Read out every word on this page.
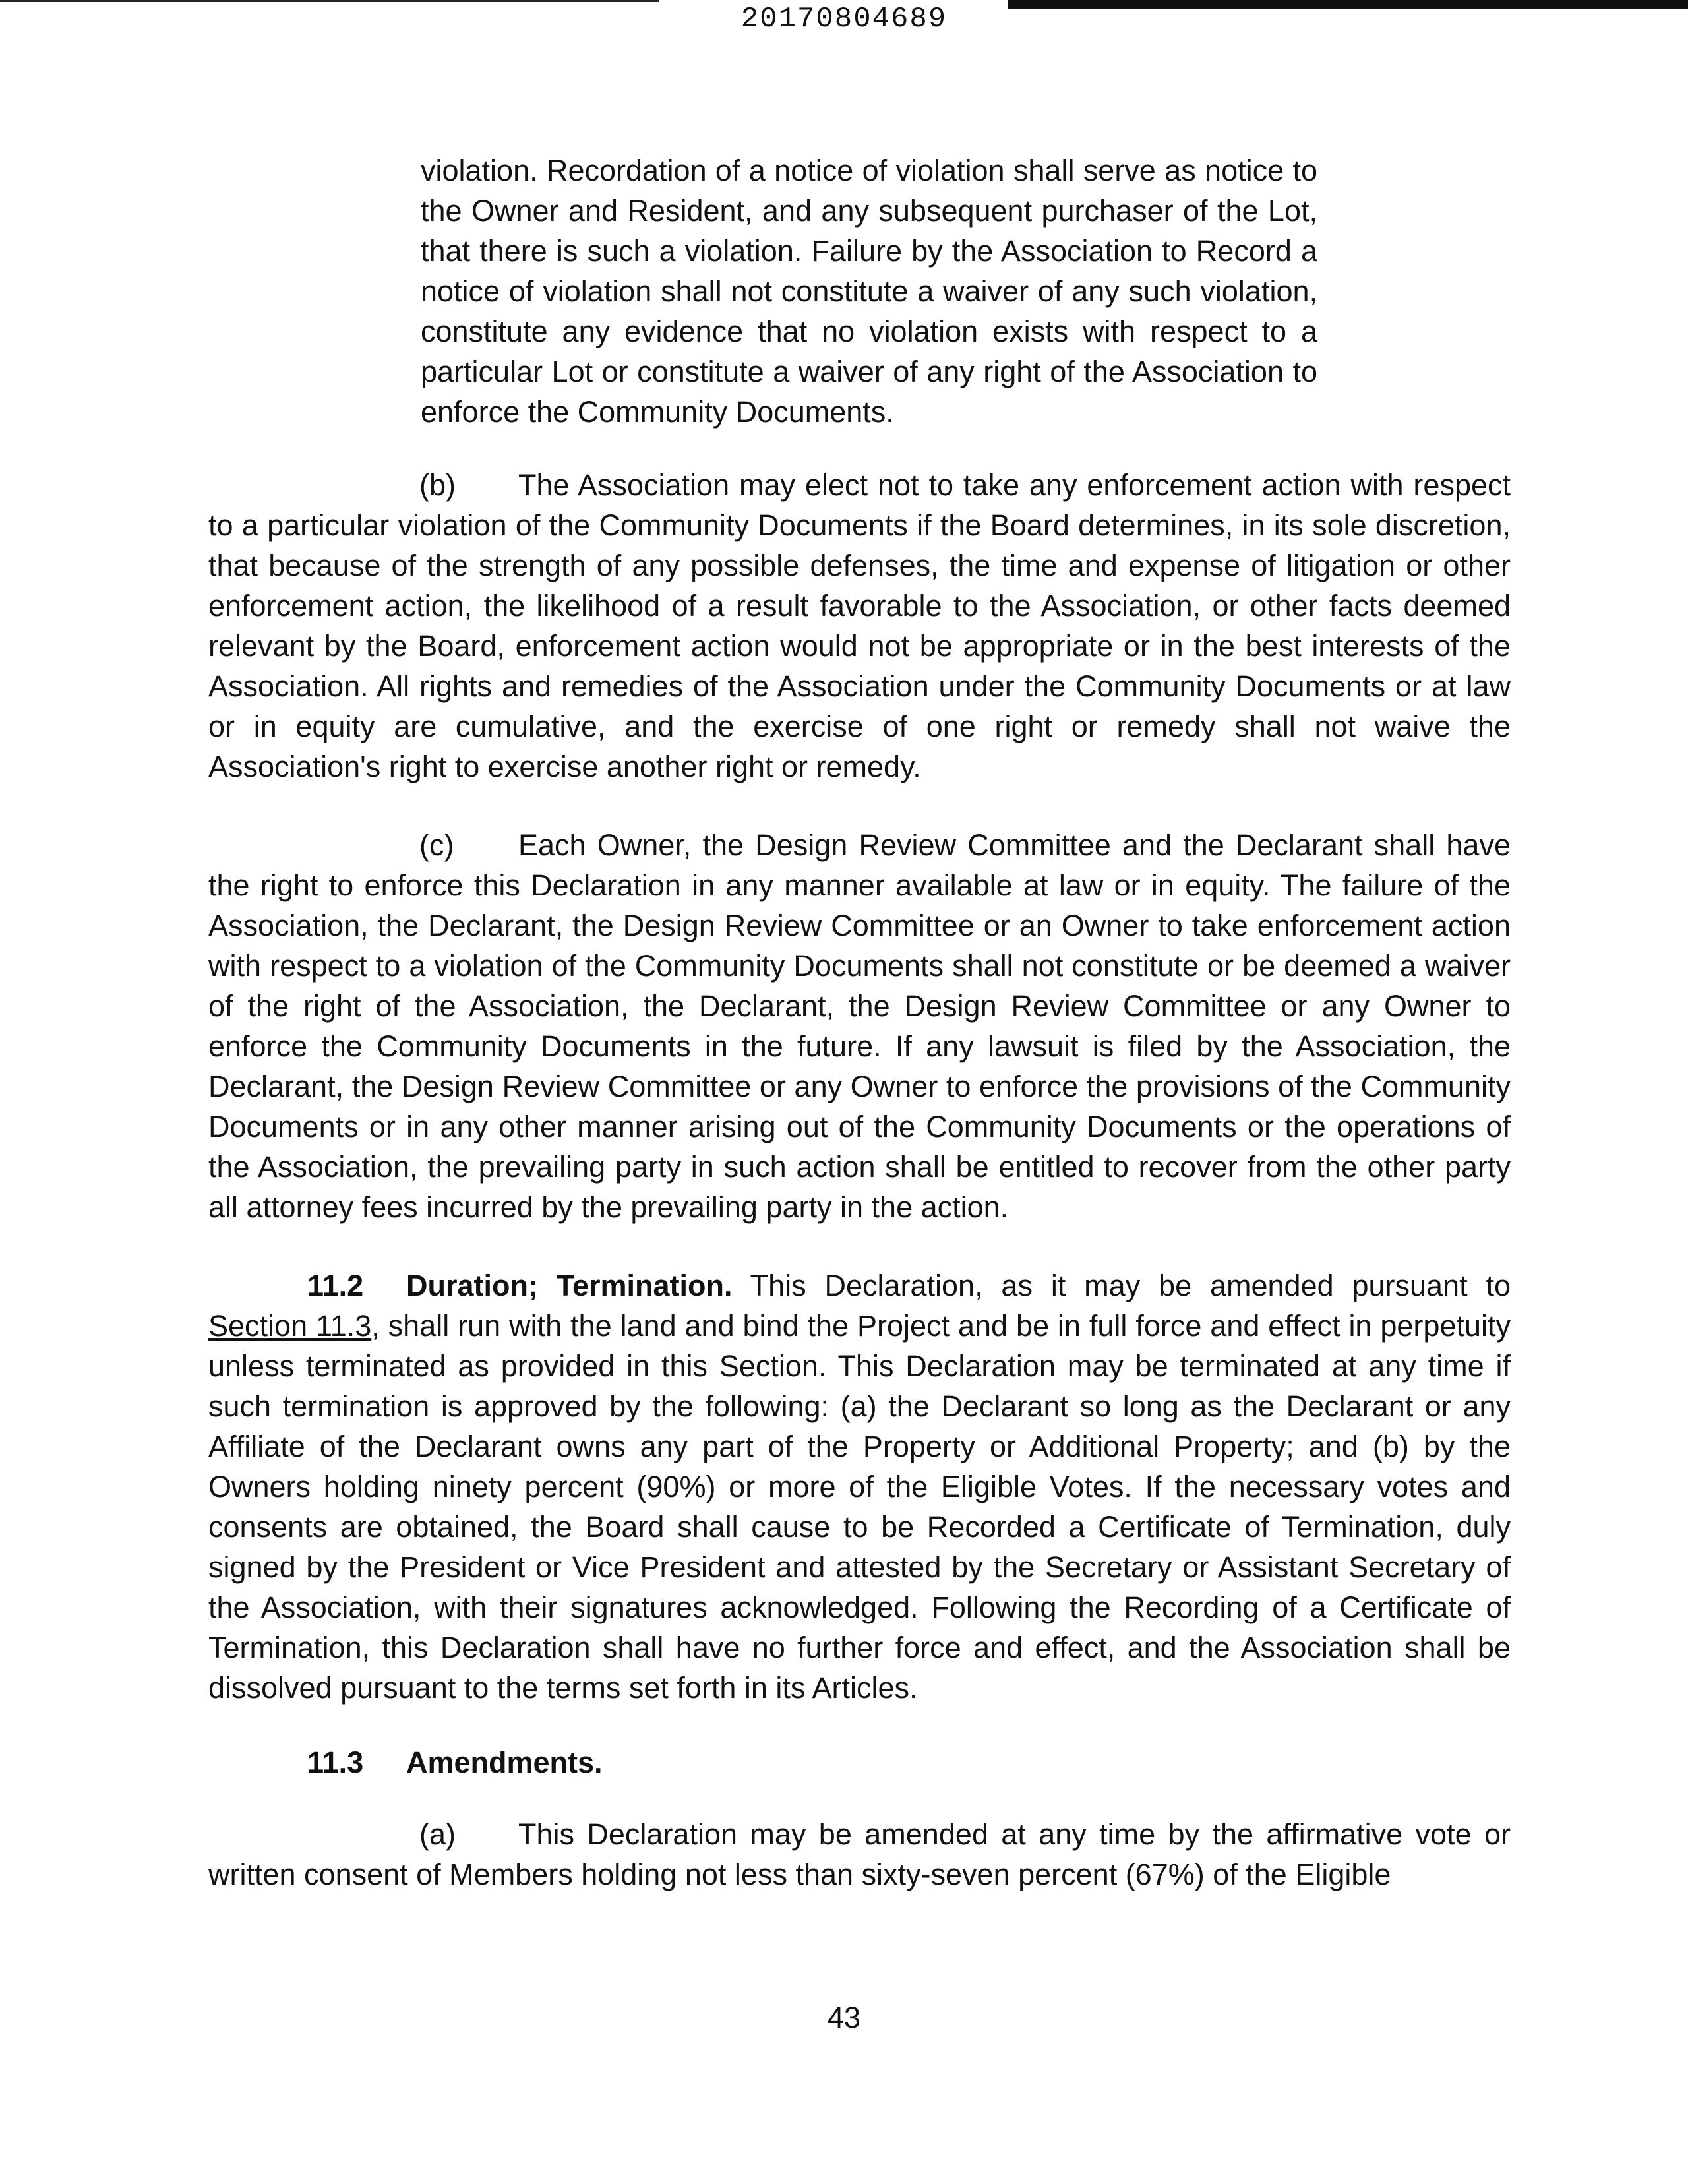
20170804689

violation. Recordation of a notice of violation shall serve as notice to the Owner and Resident, and any subsequent purchaser of the Lot, that there is such a violation. Failure by the Association to Record a notice of violation shall not constitute a waiver of any such violation, constitute any evidence that no violation exists with respect to a particular Lot or constitute a waiver of any right of the Association to enforce the Community Documents.

(b) The Association may elect not to take any enforcement action with respect to a particular violation of the Community Documents if the Board determines, in its sole discretion, that because of the strength of any possible defenses, the time and expense of litigation or other enforcement action, the likelihood of a result favorable to the Association, or other facts deemed relevant by the Board, enforcement action would not be appropriate or in the best interests of the Association. All rights and remedies of the Association under the Community Documents or at law or in equity are cumulative, and the exercise of one right or remedy shall not waive the Association's right to exercise another right or remedy.

(c) Each Owner, the Design Review Committee and the Declarant shall have the right to enforce this Declaration in any manner available at law or in equity. The failure of the Association, the Declarant, the Design Review Committee or an Owner to take enforcement action with respect to a violation of the Community Documents shall not constitute or be deemed a waiver of the right of the Association, the Declarant, the Design Review Committee or any Owner to enforce the Community Documents in the future. If any lawsuit is filed by the Association, the Declarant, the Design Review Committee or any Owner to enforce the provisions of the Community Documents or in any other manner arising out of the Community Documents or the operations of the Association, the prevailing party in such action shall be entitled to recover from the other party all attorney fees incurred by the prevailing party in the action.

11.2 Duration; Termination. This Declaration, as it may be amended pursuant to Section 11.3, shall run with the land and bind the Project and be in full force and effect in perpetuity unless terminated as provided in this Section. This Declaration may be terminated at any time if such termination is approved by the following: (a) the Declarant so long as the Declarant or any Affiliate of the Declarant owns any part of the Property or Additional Property; and (b) by the Owners holding ninety percent (90%) or more of the Eligible Votes. If the necessary votes and consents are obtained, the Board shall cause to be Recorded a Certificate of Termination, duly signed by the President or Vice President and attested by the Secretary or Assistant Secretary of the Association, with their signatures acknowledged. Following the Recording of a Certificate of Termination, this Declaration shall have no further force and effect, and the Association shall be dissolved pursuant to the terms set forth in its Articles.

11.3 Amendments.

(a) This Declaration may be amended at any time by the affirmative vote or written consent of Members holding not less than sixty-seven percent (67%) of the Eligible

43
